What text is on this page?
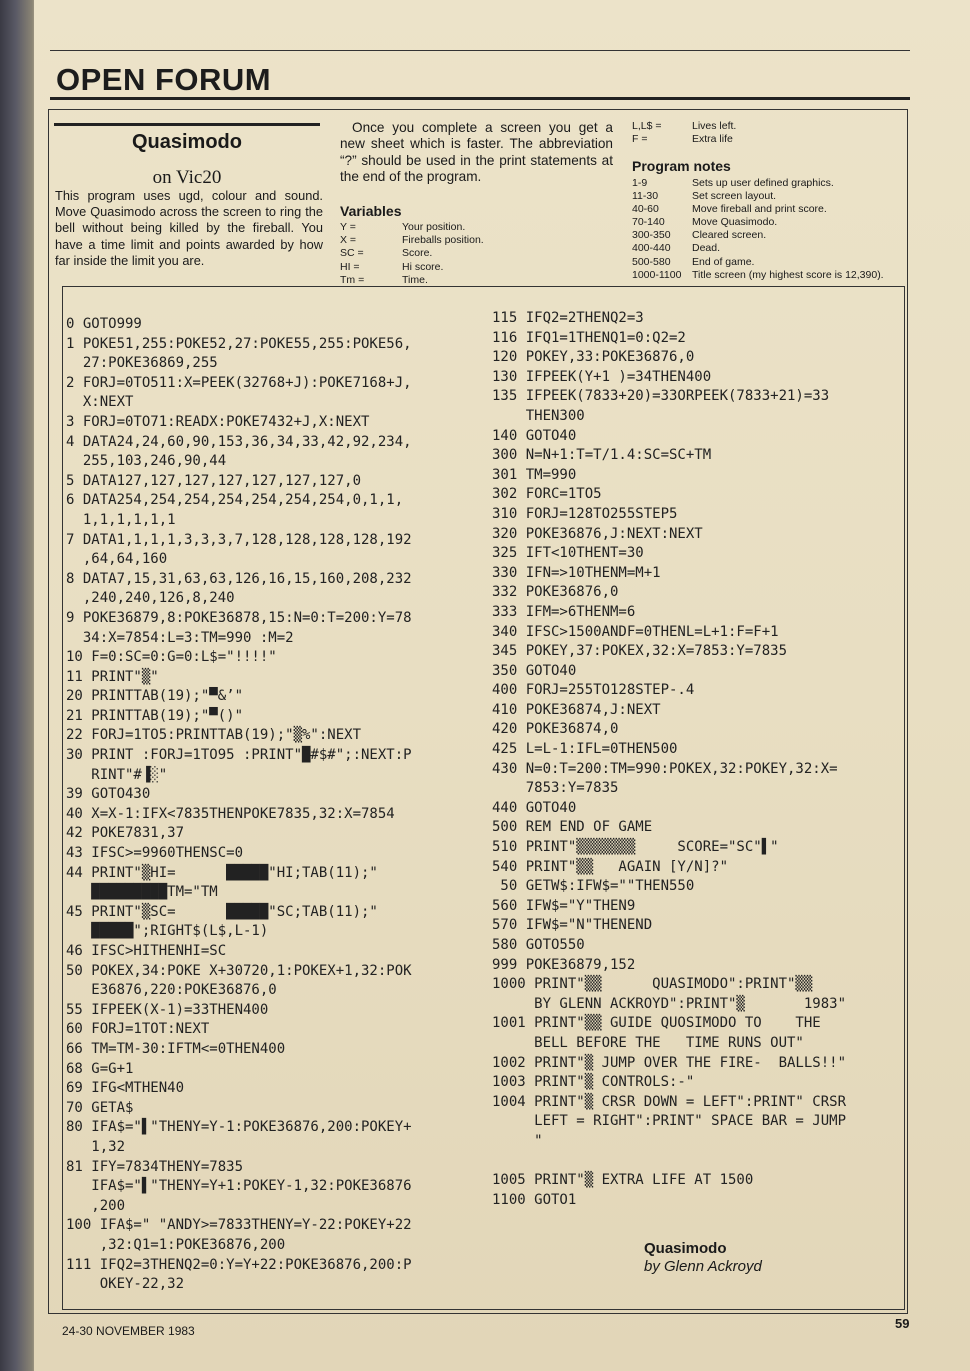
OPEN FORUM
Quasimodo
on Vic20
This program uses ugd, colour and sound. Move Quasimodo across the screen to ring the bell without being killed by the fireball. You have a time limit and points awarded by how far inside the limit you are.
Once you complete a screen you get a new sheet which is faster. The abbreviation “?” should be used in the print statements at the end of the program.
Variables
Y =	Your position.
X =	Fireballs position.
SC =	Score.
HI =	Hi score.
Tm =	Time.
L,L$ =	Lives left.
F =	Extra life
Program notes
1-9	Sets up user defined graphics.
11-30	Set screen layout.
40-60	Move fireball and print score.
70-140	Move Quasimodo.
300-350	Cleared screen.
400-440	Dead.
500-580	End of game.
1000-1100	Title screen (my highest score is 12,390).
0 GOTO999
1 POKE51,255:POKE52,27:POKE55,255:POKE56,
27:POKE36869,255
2 FORJ=0TO511:X=PEEK(32768+J):POKE7168+J,
X:NEXT
3 FORJ=0TO71:READX:POKE7432+J,X:NEXT
4 DATA24,24,60,90,153,36,34,33,42,92,234,
255,103,246,90,44
5 DATA127,127,127,127,127,127,127,0
6 DATA254,254,254,254,254,254,254,0,1,1,
1,1,1,1,1,1
7 DATA1,1,1,1,3,3,3,7,128,128,128,128,192
,64,64,160
8 DATA7,15,31,63,63,126,16,15,160,208,232
,240,240,126,8,240
9 POKE36879,8:POKE36878,15:N=0:T=200:Y=78
34:X=7854:L=3:TM=990 :M=2
10 F=0:SC=0:G=0:L$="!!!!"
11 PRINT"▒"
20 PRINTTAB(19);"▀&’"
21 PRINTTAB(19);"▀()"
22 FORJ=1TO5:PRINTTAB(19);"▒%":NEXT
30 PRINT :FORJ=1TO95 :PRINT"█#$#";:NEXT:P
RINT"#▐░"
39 GOTO430
40 X=X-1:IFX<7835THENPOKE7835,32:X=7854
42 POKE7831,37
43 IFSC>=9960THENSC=0
44 PRINT"▒HI=      █████"HI;TAB(11);"
█████████TM="TM
45 PRINT"▒SC=      █████"SC;TAB(11);"
█████";RIGHT$(L$,L-1)
46 IFSC>HITHENHI=SC
50 POKEX,34:POKE X+30720,1:POKEX+1,32:POK
E36876,220:POKE36876,0
55 IFPEEK(X-1)=33THEN400
60 FORJ=1TOT:NEXT
66 TM=TM-30:IFTM<=0THEN400
68 G=G+1
69 IFG<MTHEN40
70 GETA$
80 IFA$="▌"THENY=Y-1:POKE36876,200:POKEY+
1,32
81 IFY=7834THENY=7835
IFA$="▌"THENY=Y+1:POKEY-1,32:POKE36876
,200
100 IFA$=" "ANDY>=7833THENY=Y-22:POKEY+22
,32:Q1=1:POKE36876,200
111 IFQ2=3THENQ2=0:Y=Y+22:POKE36876,200:P
OKEY-22,32
115 IFQ2=2THENQ2=3
116 IFQ1=1THENQ1=0:Q2=2
120 POKEY,33:POKE36876,0
130 IFPEEK(Y+1 )=34THEN400
135 IFPEEK(7833+20)=33ORPEEK(7833+21)=33
THEN300
140 GOTO40
300 N=N+1:T=T/1.4:SC=SC+TM
301 TM=990
302 FORC=1TO5
310 FORJ=128TO255STEP5
320 POKE36876,J:NEXT:NEXT
325 IFT<10THENT=30
330 IFN=>10THENM=M+1
332 POKE36876,0
333 IFM=>6THENM=6
340 IFSC>1500ANDF=0THENL=L+1:F=F+1
345 POKEY,37:POKEX,32:X=7853:Y=7835
350 GOTO40
400 FORJ=255TO128STEP-.4
410 POKE36874,J:NEXT
420 POKE36874,0
425 L=L-1:IFL=0THEN500
430 N=0:T=200:TM=990:POKEX,32:POKEY,32:X=
7853:Y=7835
440 GOTO40
500 REM END OF GAME
510 PRINT"▒▒▒▒▒▒▒     SCORE="SC"▌"
540 PRINT"▒▒   AGAIN [Y/N]?"
50 GETW$:IFW$=""THEN550
560 IFW$="Y"THEN9
570 IFW$="N"THENEND
580 GOTO550
999 POKE36879,152
1000 PRINT"▒▒      QUASIMODO":PRINT"▒▒
BY GLENN ACKROYD":PRINT"▒       1983"
1001 PRINT"▒▒ GUIDE QUOSIMODO TO    THE
BELL BEFORE THE   TIME RUNS OUT"
1002 PRINT"▒ JUMP OVER THE FIRE-  BALLS!!"
1003 PRINT"▒ CONTROLS:-"
1004 PRINT"▒ CRSR DOWN = LEFT":PRINT" CRSR
LEFT = RIGHT":PRINT" SPACE BAR = JUMP
"
1005 PRINT"▒ EXTRA LIFE AT 1500
1100 GOTO1
Quasimodo
by Glenn Ackroyd
24-30 NOVEMBER 1983	59
